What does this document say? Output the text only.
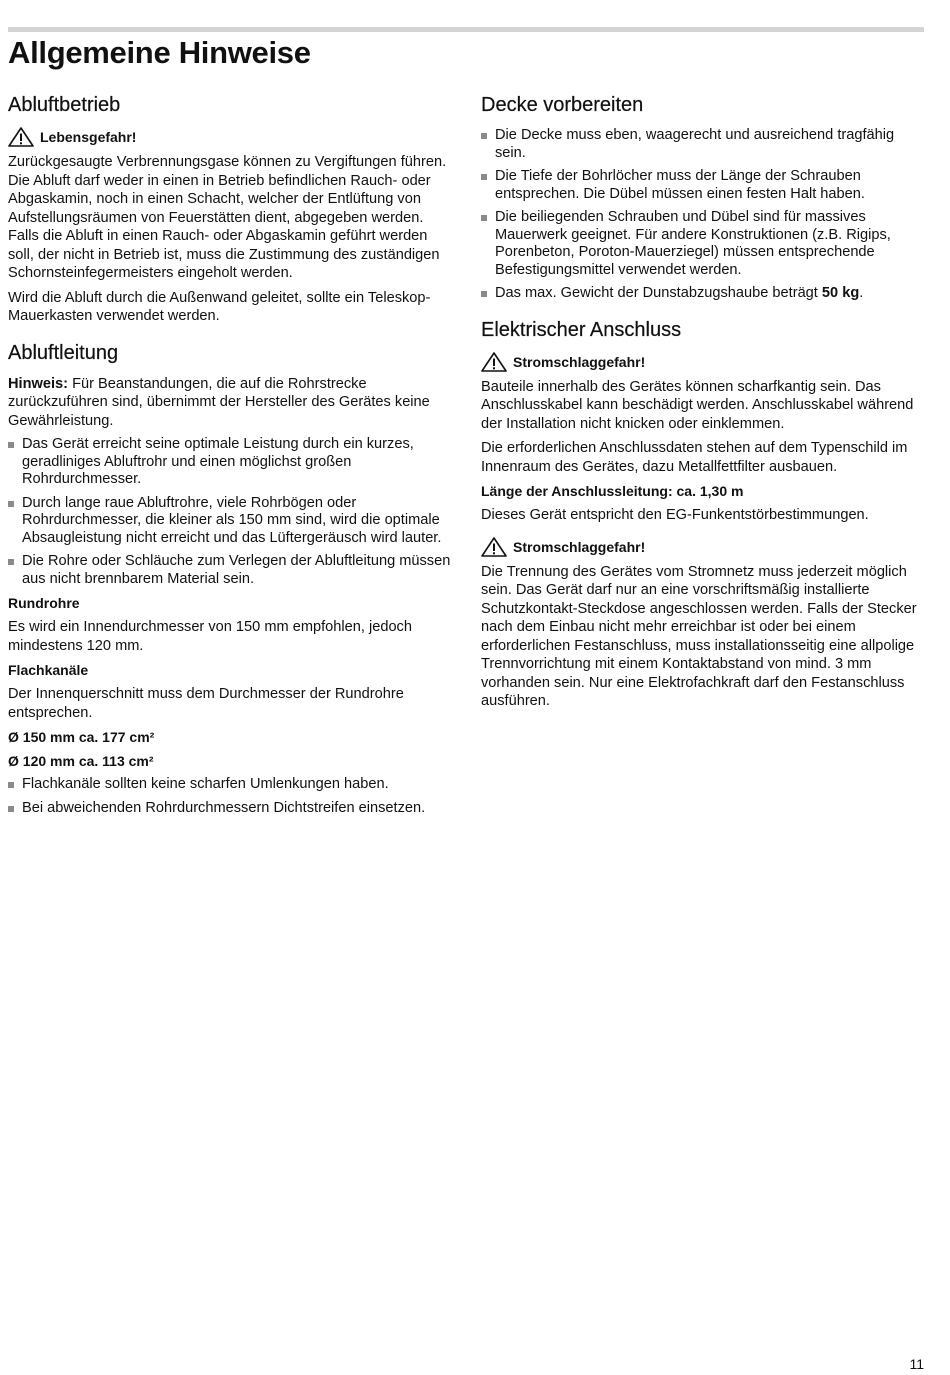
Allgemeine Hinweise
Abluftbetrieb
Lebensgefahr!

Zurückgesaugte Verbrennungsgase können zu Vergiftungen führen. Die Abluft darf weder in einen in Betrieb befindlichen Rauch- oder Abgaskamin, noch in einen Schacht, welcher der Entlüftung von Aufstellungsräumen von Feuerstätten dient, abgegeben werden. Falls die Abluft in einen Rauch- oder Abgaskamin geführt werden soll, der nicht in Betrieb ist, muss die Zustimmung des zuständigen Schornsteinfegermeisters eingeholt werden.

Wird die Abluft durch die Außenwand geleitet, sollte ein Teleskop-Mauerkasten verwendet werden.

Abluftleitung

Hinweis: Für Beanstandungen, die auf die Rohrstrecke zurückzuführen sind, übernimmt der Hersteller des Gerätes keine Gewährleistung.

Das Gerät erreicht seine optimale Leistung durch ein kurzes, geradliniges Abluftrohr und einen möglichst großen Rohrdurchmesser.
Durch lange raue Abluftrohre, viele Rohrbögen oder Rohrdurchmesser, die kleiner als 150 mm sind, wird die optimale Absaugleistung nicht erreicht und das Lüftergeräusch wird lauter.
Die Rohre oder Schläuche zum Verlegen der Abluftleitung müssen aus nicht brennbarem Material sein.
Rundrohre

Es wird ein Innendurchmesser von 150 mm empfohlen, jedoch mindestens 120 mm.

Flachkanäle

Der Innenquerschnitt muss dem Durchmesser der Rundrohre entsprechen.

Ø 150 mm ca. 177 cm²
Ø 120 mm ca. 113 cm²
Flachkanäle sollten keine scharfen Umlenkungen haben.
Bei abweichenden Rohrdurchmessern Dichtstreifen einsetzen.
Decke vorbereiten
Die Decke muss eben, waagerecht und ausreichend tragfähig sein.
Die Tiefe der Bohrlöcher muss der Länge der Schrauben entsprechen. Die Dübel müssen einen festen Halt haben.
Die beiliegenden Schrauben und Dübel sind für massives Mauerwerk geeignet. Für andere Konstruktionen (z.B. Rigips, Porenbeton, Poroton-Mauerziegel) müssen entsprechende Befestigungsmittel verwendet werden.
Das max. Gewicht der Dunstabzugshaube beträgt 50 kg.
Elektrischer Anschluss
Stromschlaggefahr!

Bauteile innerhalb des Gerätes können scharfkantig sein. Das Anschlusskabel kann beschädigt werden. Anschlusskabel während der Installation nicht knicken oder einklemmen.

Die erforderlichen Anschlussdaten stehen auf dem Typenschild im Innenraum des Gerätes, dazu Metallfettfilter ausbauen.

Länge der Anschlussleitung: ca. 1,30 m

Dieses Gerät entspricht den EG-Funkentstörbestimmungen.

Stromschlaggefahr!

Die Trennung des Gerätes vom Stromnetz muss jederzeit möglich sein. Das Gerät darf nur an eine vorschriftsmäßig installierte Schutzkontakt-Steckdose angeschlossen werden. Falls der Stecker nach dem Einbau nicht mehr erreichbar ist oder bei einem erforderlichen Festanschluss, muss installationsseitig eine allpolige Trennvorrichtung mit einem Kontaktabstand von mind. 3 mm vorhanden sein. Nur eine Elektrofachkraft darf den Festanschluss ausführen.

11
